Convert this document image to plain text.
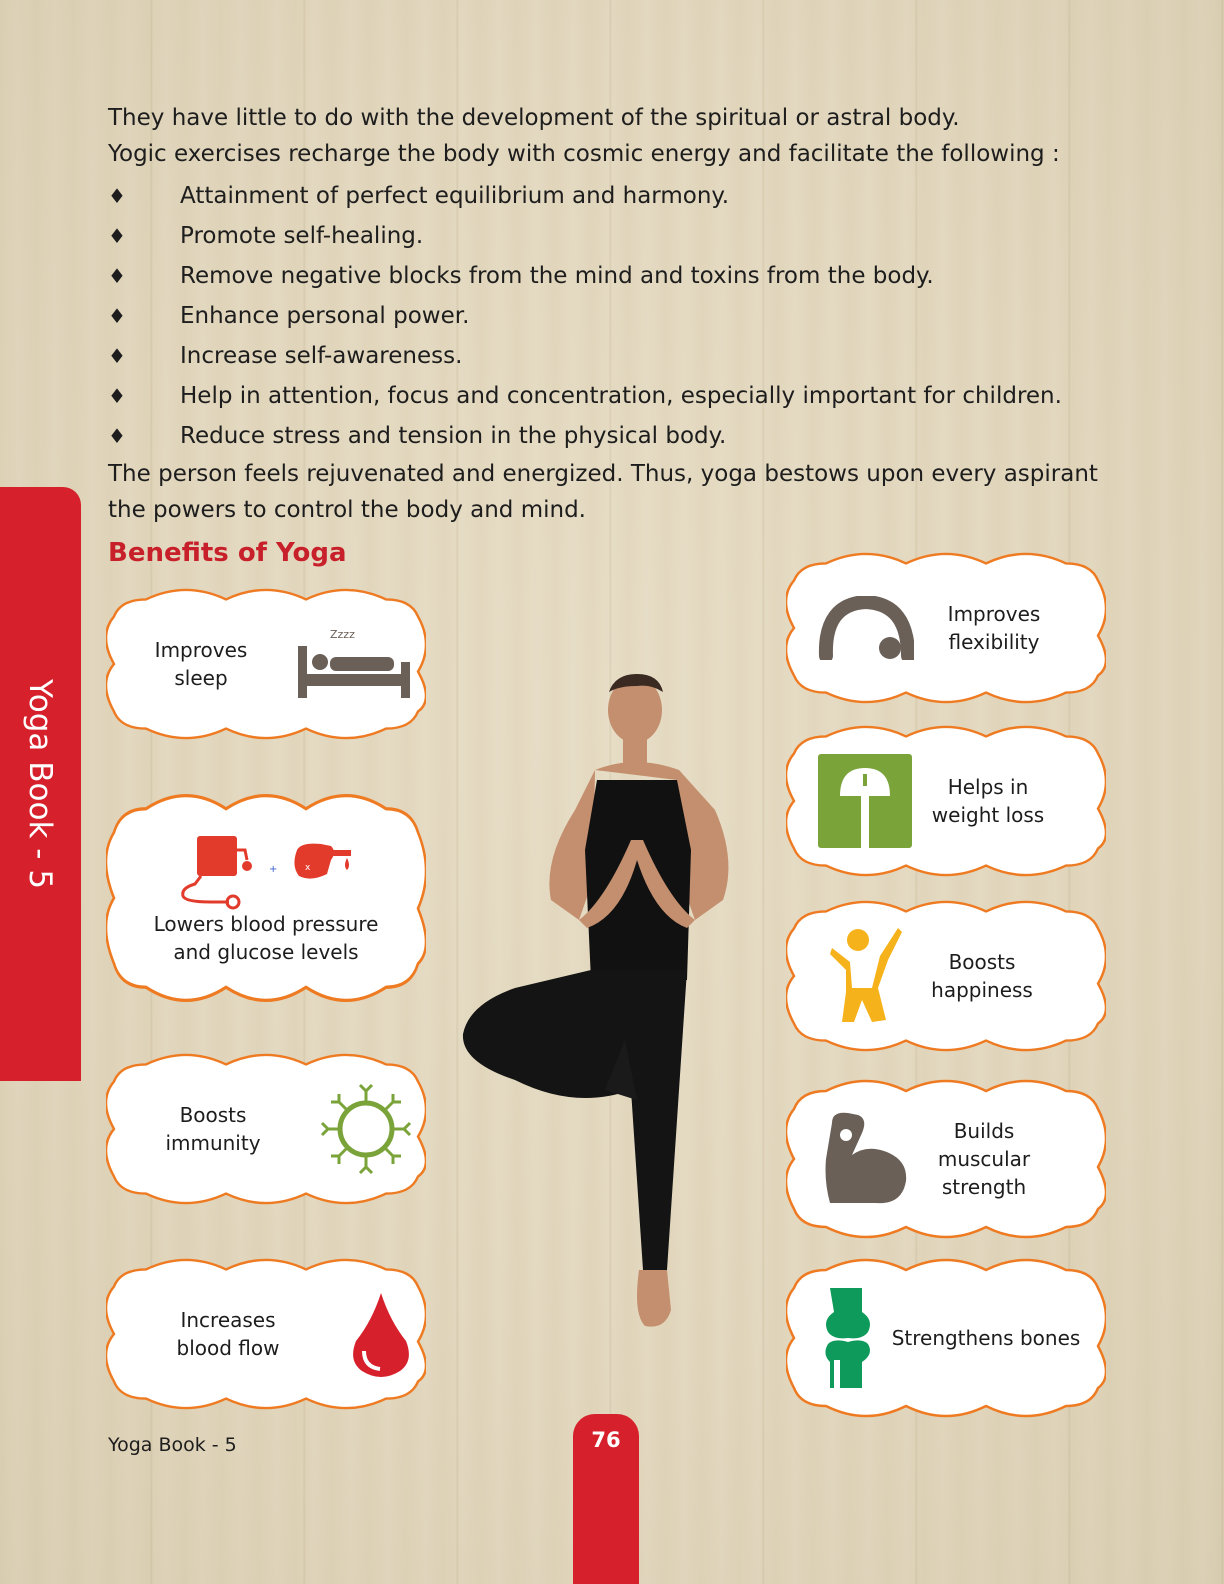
They have little to do with the development of the spiritual or astral body.

Yogic exercises recharge the body with cosmic energy and facilitate the following :

♦	Attainment of perfect equilibrium and harmony.
♦	Promote self-healing.
♦	Remove negative blocks from the mind and toxins from the body.
♦	Enhance personal power.
♦	Increase self-awareness.
♦	Help in attention, focus and concentration, especially important for children.
♦	Reduce stress and tension in the physical body.

The person feels rejuvenated and energized. Thus, yoga bestows upon every aspirant the powers to control the body and mind.

Yoga Book - 5
Benefits of Yoga
Improves
sleep
Zzzz
+	x
Lowers blood pressure
and glucose levels
Boosts
immunity
Increases
blood flow
Improves
flexibility
Helps in
weight loss
Boosts
happiness
Builds
muscular
strength
Strengthens bones

Yoga Book - 5	76
